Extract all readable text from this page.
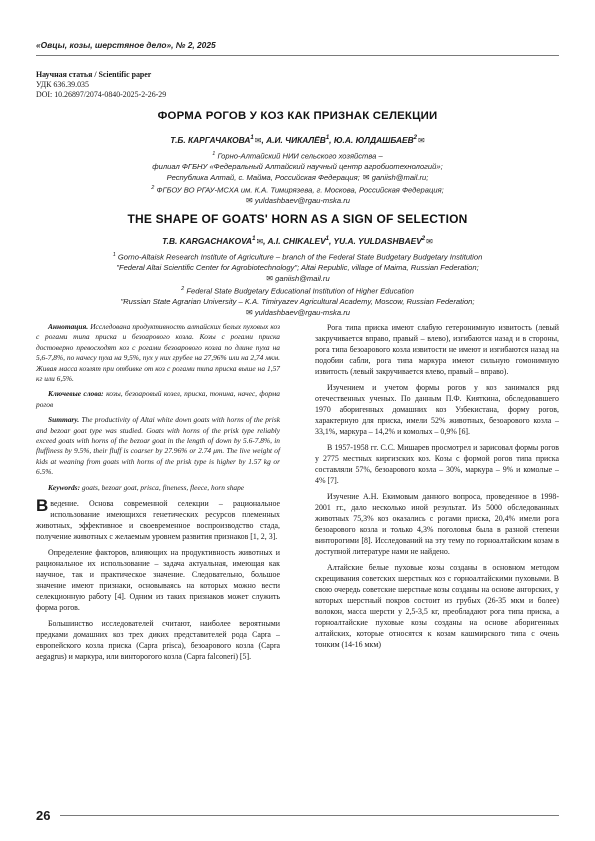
«Овцы, козы, шерстяное дело», № 2, 2025
Научная статья / Scientific paper
УДК 636.39.035
DOI: 10.26897/2074-0840-2025-2-26-29
ФОРМА РОГОВ У КОЗ КАК ПРИЗНАК СЕЛЕКЦИИ
Т.Б. КАРГАЧАКОВА$^1$✉, А.И. ЧИКАЛЁВ$^1$, Ю.А. ЮЛДАШБАЕВ$^2$✉

$^1$ Горно-Алтайский НИИ сельского хозяйства –

филиал ФГБНУ «Федеральный Алтайский научный центр агробиотехнологий»;

Республика Алтай, с. Майма, Российская Федерация; ✉ ganiish@mail.ru;

$^2$ ФГБОУ ВО РГАУ-МСХА им. К.А. Тимирязева, г. Москова, Российская Федерация;

✉ yuldashbaev@rgau-mska.ru

THE SHAPE OF GOATS' HORN AS A SIGN OF SELECTION
T.B. KARGACHAKOVA$^1$✉, A.I. CHIKALEV$^1$, YU.A. YULDASHBAEV$^2$✉

$^1$ Gorno-Altaisk Research Institute of Agriculture – branch of the Federal State Budgetary Budgetary Institution

"Federal Altai Scientific Center for Agrobiotechnology"; Altai Republic, village of Maima, Russian Federation;

✉ ganiish@mail.ru

$^2$ Federal State Budgetary Educational Institution of Higher Education

"Russian State Agrarian University – K.A. Timiryazev Agricultural Academy, Moscow, Russian Federation;

✉ yuldashbaev@rgau-mska.ru

Аннотация. Исследована продуктивность алтайских белых пуховых коз с рогами типа приска и безоарового козла. Козы с рогами приска достоверно превосходят коз с рогами безоарового козла по длине пуха на 5,6-7,8%, по начесу пуха на 9,5%, пух у них грубее на 27,96% или на 2,74 мкм. Живая масса козлят при отбивке от коз с рогами типа приска выше на 1,57 кг или 6,5%.

Ключевые слова: козы, безоаровый козел, приска, тонина, начес, форма рогов

Summary. The productivity of Altai white down goats with horns of the prisk and bezoar goat type was studied. Goats with horns of the prisk type reliably exceed goats with horns of the bezoar goat in the length of down by 5.6-7.8%, in fluffiness by 9.5%, their fluff is coarser by 27.96% or 2.74 μm. The live weight of kids at weaning from goats with horns of the prisk type is higher by 1.57 kg or 6.5%.

Keywords: goats, bezoar goat, prisca, fineness, fleece, horn shape

Введение. Основа современной селекции – рациональное использование имеющихся генетических ресурсов племенных животных, эффективное и своевременное воспроизводство стада, получение животных с желаемым уровнем развития признаков [1, 2, 3].

Определение факторов, влияющих на продуктивность животных и рациональное их использование – задача актуальная, имеющая как научное, так и практическое значение. Следовательно, большое значение имеют признаки, основываясь на которых можно вести селекционную работу [4]. Одним из таких признаков может служить форма рогов.

Большинство исследователей считают, наиболее вероятными предками домашних коз трех диких представителей рода Capra – европейского козла приска (Capra prisca), безоарового козла (Capra aegagrus) и маркура, или винторогого козла (Capra falconeri) [5].

Рога типа приска имеют слабую гетеронимную извитость (левый закручивается вправо, правый – влево), изгибаются назад и в стороны, рога типа безоарового козла извитости не имеют и изгибаются назад на подобии сабли, рога типа маркура имеют сильную гомонимную извитость (левый закручивается влево, правый – вправо).

Изучением и учетом формы рогов у коз занимался ряд отечественных ученых. По данным П.Ф. Кияткина, обследовавшего 1970 аборигенных домашних коз Узбекистана, форму рогов, характерную для приска, имели 52% животных, безоарового козла – 33,1%, маркура – 14,2% и комолых – 0,9% [6].

В 1957-1958 гг. С.С. Мишарев просмотрел и зарисовал формы рогов у 2775 местных киргизских коз. Козы с формой рогов типа приска составляли 57%, безоарового козла – 30%, маркура – 9% и комолые – 4% [7].

Изучение А.Н. Екимовым данного вопроса, проведенное в 1998-2001 гг., дало несколько иной результат. Из 5000 обследованных животных 75,3% коз оказались с рогами приска, 20,4% имели рога безоарового козла и только 4,3% поголовья была в разной степени винторогими [8]. Исследований на эту тему по горноалтайским козам в доступной литературе нами не найдено.

Алтайские белые пуховые козы созданы в основном методом скрещивания советских шерстных коз с горноалтайскими пуховыми. В свою очередь советские шерстные козы созданы на основе ангорских, у которых шерстный покров состоит из грубых (26-35 мкм и более) волокон, масса шерсти у 2,5-3,5 кг, преобладают рога типа приска, а горноалтайские пуховые козы созданы на основе аборигенных алтайских, которые относятся к козам кашмирского типа с очень тонким (14-16 мкм)

26
